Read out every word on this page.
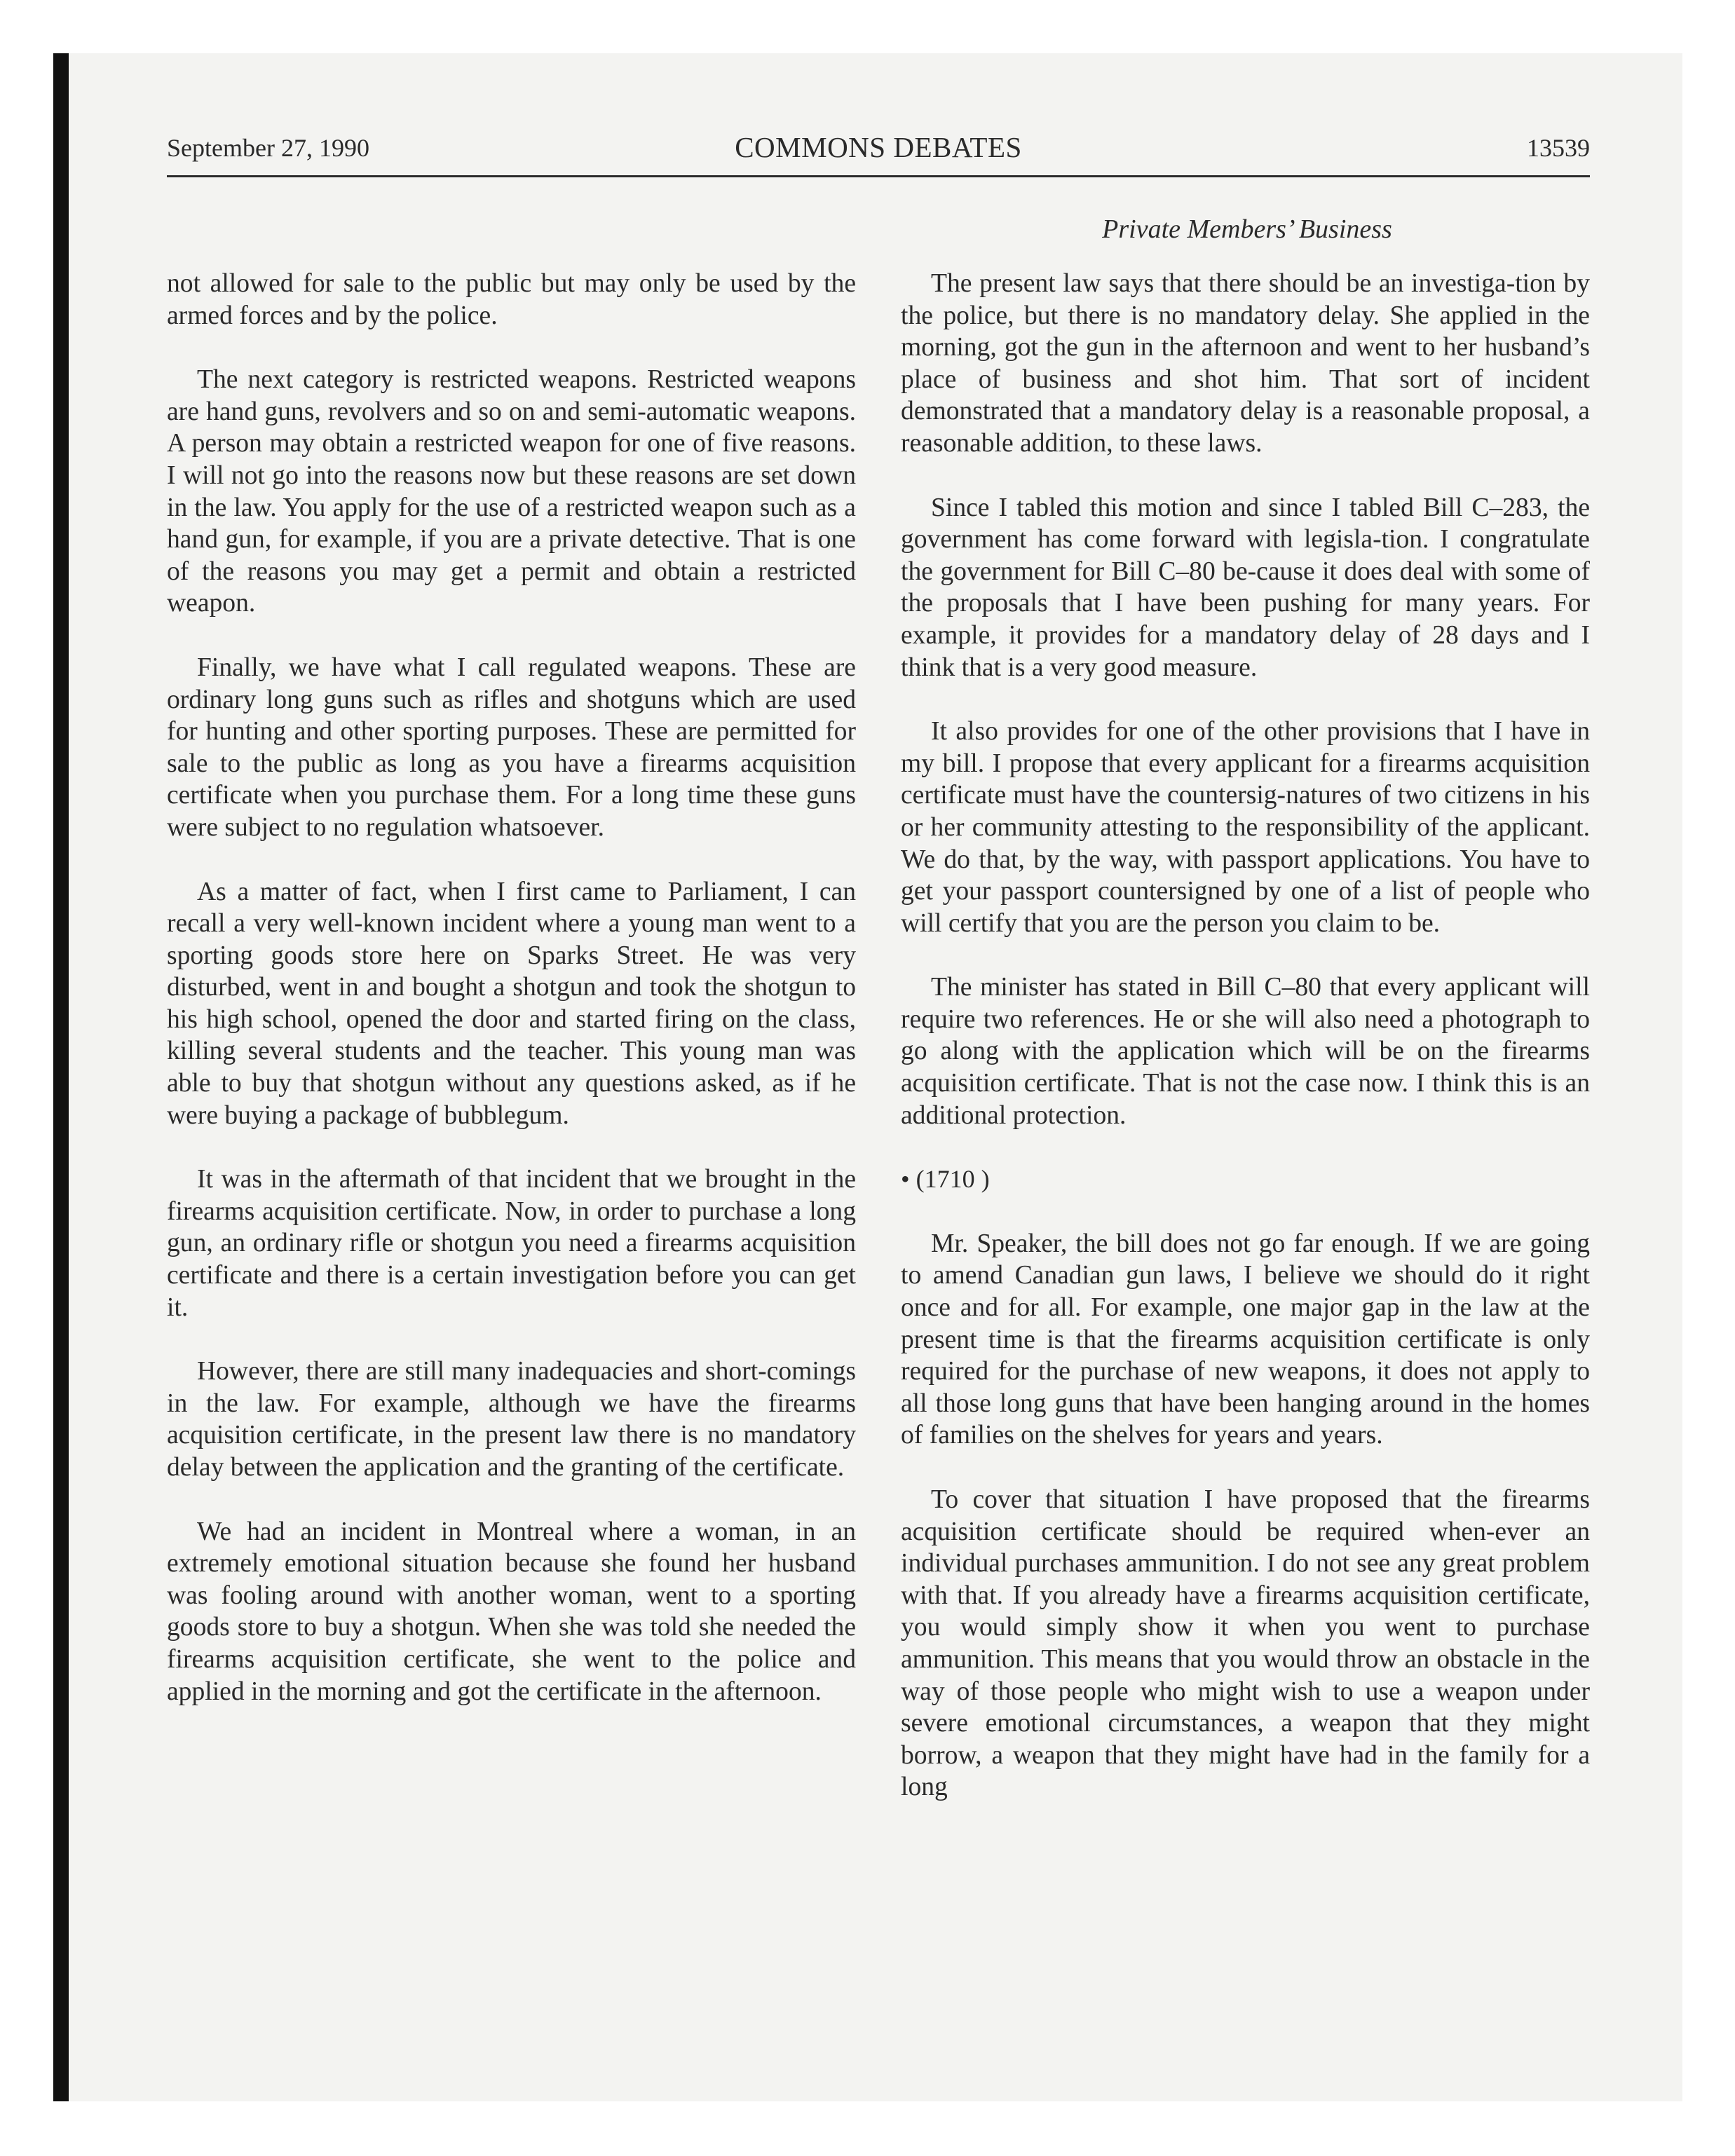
September 27, 1990	COMMONS DEBATES	13539
Private Members’ Business

not allowed for sale to the public but may only be used by the armed forces and by the police.

The next category is restricted weapons. Restricted weapons are hand guns, revolvers and so on and semi‑automatic weapons. A person may obtain a restricted weapon for one of five reasons. I will not go into the reasons now but these reasons are set down in the law. You apply for the use of a restricted weapon such as a hand gun, for example, if you are a private detective. That is one of the reasons you may get a permit and obtain a restricted weapon.

Finally, we have what I call regulated weapons. These are ordinary long guns such as rifles and shotguns which are used for hunting and other sporting purposes. These are permitted for sale to the public as long as you have a firearms acquisition certificate when you purchase them. For a long time these guns were subject to no regulation whatsoever.

As a matter of fact, when I first came to Parliament, I can recall a very well‑known incident where a young man went to a sporting goods store here on Sparks Street. He was very disturbed, went in and bought a shotgun and took the shotgun to his high school, opened the door and started firing on the class, killing several students and the teacher. This young man was able to buy that shotgun without any questions asked, as if he were buying a package of bubblegum.

It was in the aftermath of that incident that we brought in the firearms acquisition certificate. Now, in order to purchase a long gun, an ordinary rifle or shotgun you need a firearms acquisition certificate and there is a certain investigation before you can get it.

However, there are still many inadequacies and short‑comings in the law. For example, although we have the firearms acquisition certificate, in the present law there is no mandatory delay between the application and the granting of the certificate.

We had an incident in Montreal where a woman, in an extremely emotional situation because she found her husband was fooling around with another woman, went to a sporting goods store to buy a shotgun. When she was told she needed the firearms acquisition certificate, she went to the police and applied in the morning and got the certificate in the afternoon.

The present law says that there should be an investiga‑tion by the police, but there is no mandatory delay. She applied in the morning, got the gun in the afternoon and went to her husband’s place of business and shot him. That sort of incident demonstrated that a mandatory delay is a reasonable proposal, a reasonable addition, to these laws.

Since I tabled this motion and since I tabled Bill C–283, the government has come forward with legisla‑tion. I congratulate the government for Bill C–80 be‑cause it does deal with some of the proposals that I have been pushing for many years. For example, it provides for a mandatory delay of 28 days and I think that is a very good measure.

It also provides for one of the other provisions that I have in my bill. I propose that every applicant for a firearms acquisition certificate must have the countersig‑natures of two citizens in his or her community attesting to the responsibility of the applicant. We do that, by the way, with passport applications. You have to get your passport countersigned by one of a list of people who will certify that you are the person you claim to be.

The minister has stated in Bill C–80 that every applicant will require two references. He or she will also need a photograph to go along with the application which will be on the firearms acquisition certificate. That is not the case now. I think this is an additional protection.

• (1710 )

Mr. Speaker, the bill does not go far enough. If we are going to amend Canadian gun laws, I believe we should do it right once and for all. For example, one major gap in the law at the present time is that the firearms acquisition certificate is only required for the purchase of new weapons, it does not apply to all those long guns that have been hanging around in the homes of families on the shelves for years and years.

To cover that situation I have proposed that the firearms acquisition certificate should be required when‑ever an individual purchases ammunition. I do not see any great problem with that. If you already have a firearms acquisition certificate, you would simply show it when you went to purchase ammunition. This means that you would throw an obstacle in the way of those people who might wish to use a weapon under severe emotional circumstances, a weapon that they might borrow, a weapon that they might have had in the family for a long
